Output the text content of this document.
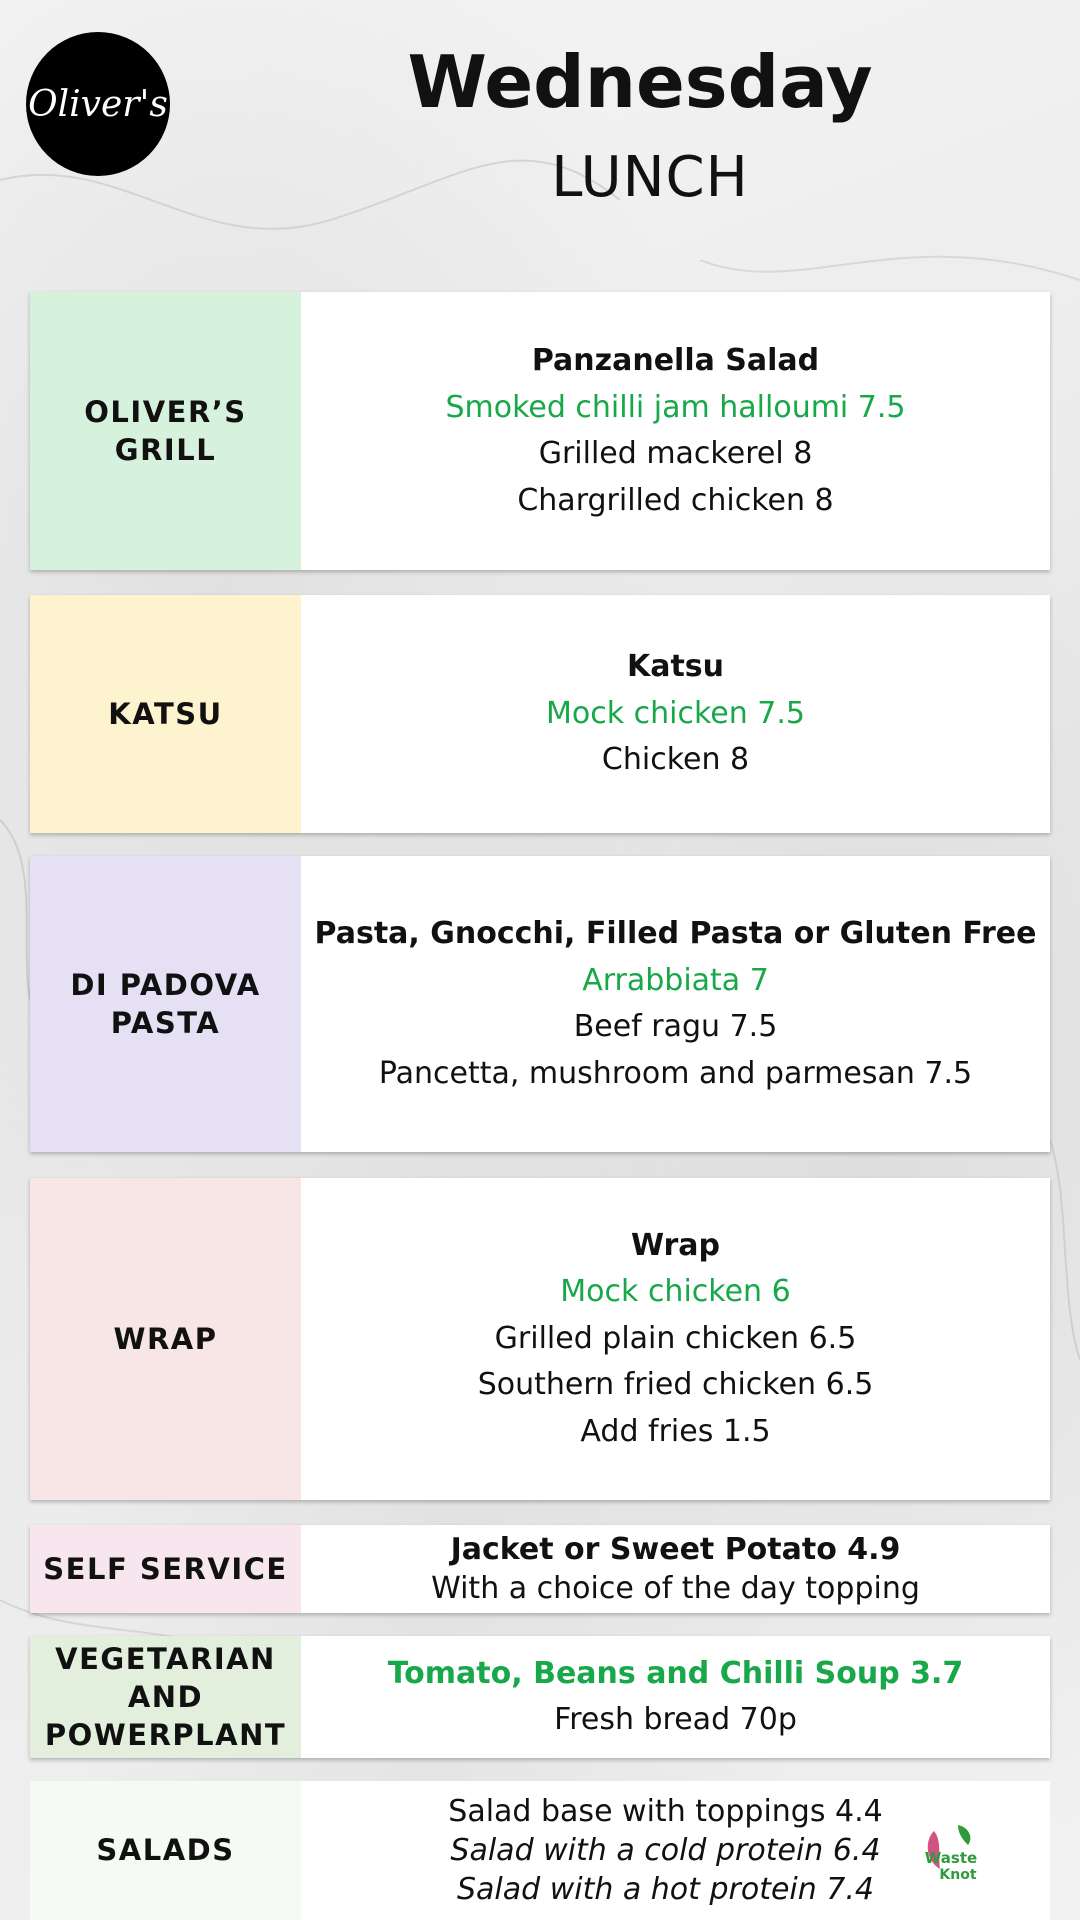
Oliver's	Wednesday
LUNCH
OLIVER’S GRILL
Panzanella Salad
Smoked chilli jam halloumi 7.5
Grilled mackerel 8
Chargrilled chicken 8
KATSU
Katsu
Mock chicken 7.5
Chicken 8
DI PADOVA
PASTA
Pasta, Gnocchi, Filled Pasta or Gluten Free
Arrabbiata 7
Beef ragu 7.5
Pancetta, mushroom and parmesan 7.5
WRAP
Wrap
Mock chicken 6
Grilled plain chicken 6.5
Southern fried chicken 6.5
Add fries 1.5
SELF SERVICE
Jacket or Sweet Potato 4.9
With a choice of the day topping
VEGETARIAN
AND
POWERPLANT
Tomato, Beans and Chilli Soup 3.7
Fresh bread 70p
SALADS
Salad base with toppings 4.4
Salad with a cold protein 6.4
Salad with a hot protein 7.4
Waste
Knot
